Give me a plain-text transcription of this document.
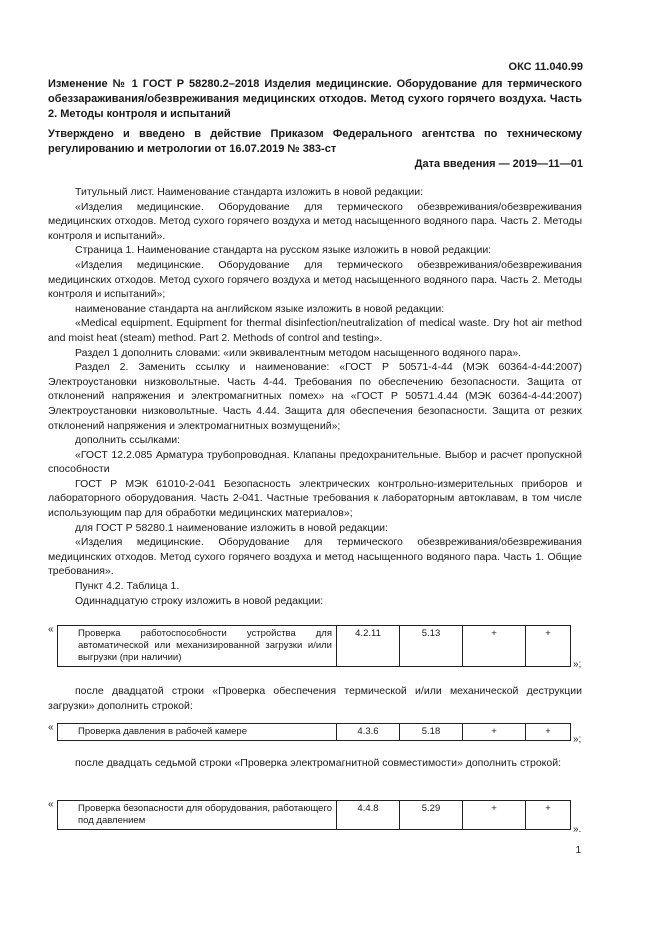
ОКС 11.040.99
Изменение № 1 ГОСТ Р 58280.2–2018 Изделия медицинские. Оборудование для термического обеззараживания/обезвреживания медицинских отходов. Метод сухого горячего воздуха. Часть 2. Методы контроля и испытаний
Утверждено и введено в действие Приказом Федерального агентства по техническому регулированию и метрологии от 16.07.2019 № 383-ст
Дата введения — 2019—11—01

Титульный лист. Наименование стандарта изложить в новой редакции:

«Изделия медицинские. Оборудование для термического обезвреживания/обезвреживания медицинских отходов. Метод сухого горячего воздуха и метод насыщенного водяного пара. Часть 2. Методы контроля и испытаний».

Страница 1. Наименование стандарта на русском языке изложить в новой редакции:

«Изделия медицинские. Оборудование для термического обезвреживания/обезвреживания медицинских отходов. Метод сухого горячего воздуха и метод насыщенного водяного пара. Часть 2. Методы контроля и испытаний»;

наименование стандарта на английском языке изложить в новой редакции:

«Medical equipment. Equipment for thermal disinfection/neutralization of medical waste. Dry hot air method and moist heat (steam) method. Part 2. Methods of control and testing».

Раздел 1 дополнить словами: «или эквивалентным методом насыщенного водяного пара».

Раздел 2. Заменить ссылку и наименование: «ГОСТ Р 50571-4-44 (МЭК 60364-4-44:2007) Электроустановки низковольтные. Часть 4-44. Требования по обеспечению безопасности. Защита от отклонений напряжения и электромагнитных помех» на «ГОСТ Р 50571.4.44 (МЭК 60364-4-44:2007) Электроустановки низковольтные. Часть 4.44. Защита для обеспечения безопасности. Защита от резких отклонений напряжения и электромагнитных возмущений»;

дополнить ссылками:

«ГОСТ 12.2.085 Арматура трубопроводная. Клапаны предохранительные. Выбор и расчет пропускной способности

ГОСТ Р МЭК 61010-2-041 Безопасность электрических контрольно-измерительных приборов и лабораторного оборудования. Часть 2-041. Частные требования к лабораторным автоклавам, в том числе использующим пар для обработки медицинских материалов»;

для ГОСТ Р 58280.1 наименование изложить в новой редакции:

«Изделия медицинские. Оборудование для термического обезвреживания/обезвреживания медицинских отходов. Метод сухого горячего воздуха и метод насыщенного водяного пара. Часть 1. Общие требования».

Пункт 4.2. Таблица 1.

Одиннадцатую строку изложить в новой редакции:

«	Проверка работоспособности устройства для автоматической или механизированной загрузки и/или выгрузки (при наличии)	4.2.11	5.13	+	+
»;

после двадцатой строки «Проверка обеспечения термической и/или механической деструкции загрузки» дополнить строкой:

«	Проверка давления в рабочей камере	4.3.6	5.18	+	+
»;

после двадцать седьмой строки «Проверка электромагнитной совместимости» дополнить строкой:

«	Проверка безопасности для оборудования, работающего под давлением	4.4.8	5.29	+	+
».
1
